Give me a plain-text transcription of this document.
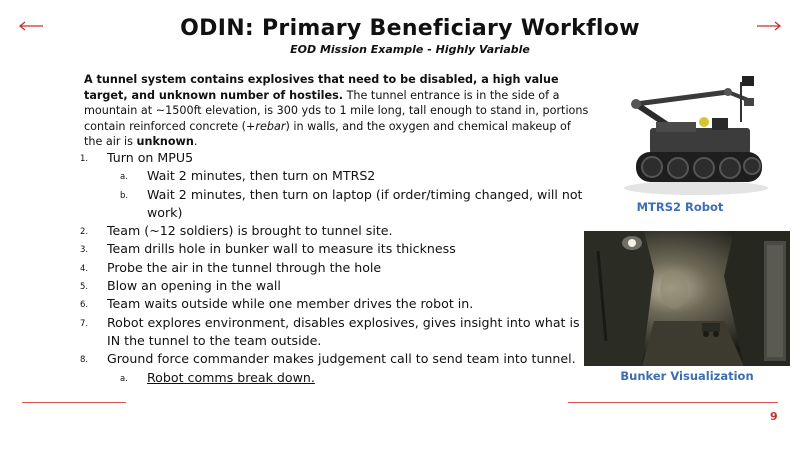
ODIN: Primary Beneficiary Workflow
EOD Mission Example - Highly Variable
A tunnel system contains explosives that need to be disabled, a high value target, and unknown number of hostiles. The tunnel entrance is in the side of a mountain at ~1500ft elevation, is 300 yds to 1 mile long, tall enough to stand in, portions contain reinforced concrete (+rebar) in walls, and the oxygen and chemical makeup of the air is unknown.
1. Turn on MPU5
a. Wait 2 minutes, then turn on MTRS2
b. Wait 2 minutes, then turn on laptop (if order/timing changed, will not work)
2. Team (~12 soldiers) is brought to tunnel site.
3. Team drills hole in bunker wall to measure its thickness
4. Probe the air in the tunnel through the hole
5. Blow an opening in the wall
6. Team waits outside while one member drives the robot in.
7. Robot explores environment, disables explosives, gives insight into what is IN the tunnel to the team outside.
8. Ground force commander makes judgement call to send team into tunnel.
a. Robot comms break down.
MTRS2 Robot
Bunker Visualization
9
